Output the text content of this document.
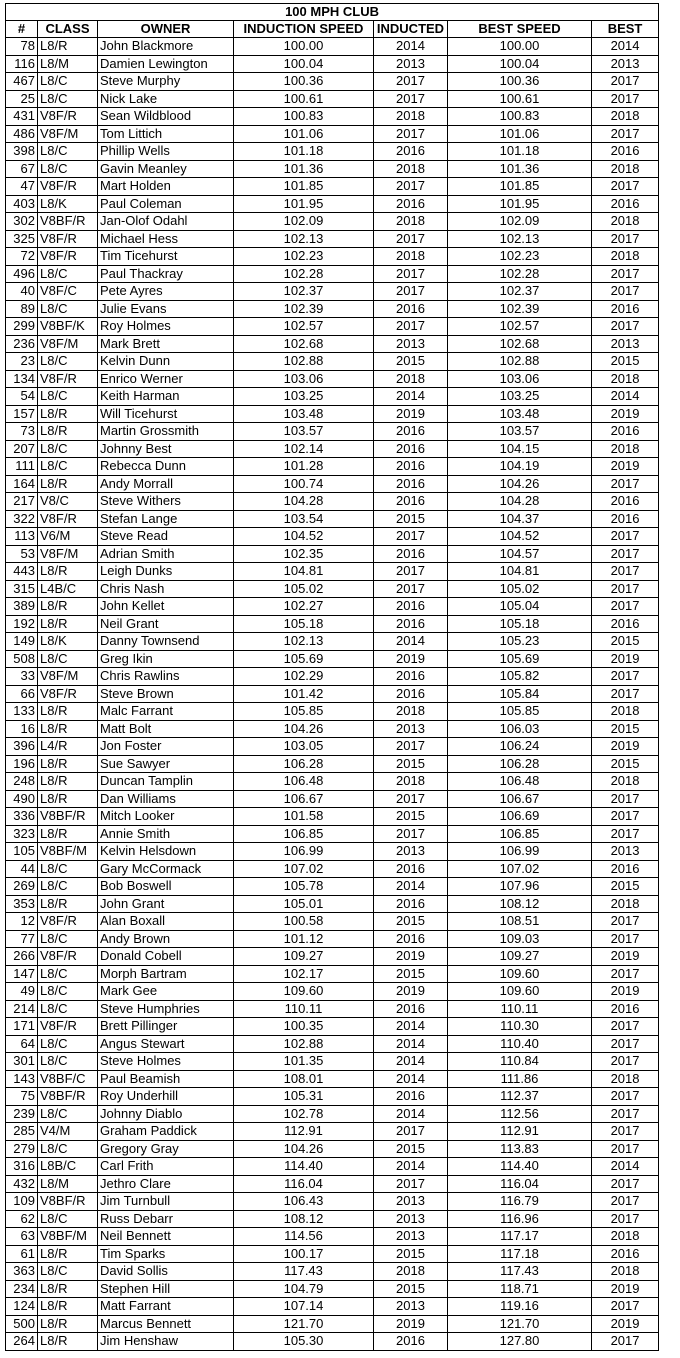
100 MPH CLUB						
#	CLASS	OWNER	INDUCTION SPEED	INDUCTED	BEST SPEED	BEST
78	L8/R	John Blackmore	100.00	2014	100.00	2014
116	L8/M	Damien Lewington	100.04	2013	100.04	2013
467	L8/C	Steve Murphy	100.36	2017	100.36	2017
25	L8/C	Nick Lake	100.61	2017	100.61	2017
431	V8F/R	Sean Wildblood	100.83	2018	100.83	2018
486	V8F/M	Tom Littich	101.06	2017	101.06	2017
398	L8/C	Phillip Wells	101.18	2016	101.18	2016
67	L8/C	Gavin Meanley	101.36	2018	101.36	2018
47	V8F/R	Mart Holden	101.85	2017	101.85	2017
403	L8/K	Paul Coleman	101.95	2016	101.95	2016
302	V8BF/R	Jan-Olof Odahl	102.09	2018	102.09	2018
325	V8F/R	Michael Hess	102.13	2017	102.13	2017
72	V8F/R	Tim Ticehurst	102.23	2018	102.23	2018
496	L8/C	Paul Thackray	102.28	2017	102.28	2017
40	V8F/C	Pete Ayres	102.37	2017	102.37	2017
89	L8/C	Julie Evans	102.39	2016	102.39	2016
299	V8BF/K	Roy Holmes	102.57	2017	102.57	2017
236	V8F/M	Mark Brett	102.68	2013	102.68	2013
23	L8/C	Kelvin Dunn	102.88	2015	102.88	2015
134	V8F/R	Enrico Werner	103.06	2018	103.06	2018
54	L8/C	Keith Harman	103.25	2014	103.25	2014
157	L8/R	Will Ticehurst	103.48	2019	103.48	2019
73	L8/R	Martin Grossmith	103.57	2016	103.57	2016
207	L8/C	Johnny Best	102.14	2016	104.15	2018
111	L8/C	Rebecca Dunn	101.28	2016	104.19	2019
164	L8/R	Andy Morrall	100.74	2016	104.26	2017
217	V8/C	Steve Withers	104.28	2016	104.28	2016
322	V8F/R	Stefan Lange	103.54	2015	104.37	2016
113	V6/M	Steve Read	104.52	2017	104.52	2017
53	V8F/M	Adrian Smith	102.35	2016	104.57	2017
443	L8/R	Leigh Dunks	104.81	2017	104.81	2017
315	L4B/C	Chris Nash	105.02	2017	105.02	2017
389	L8/R	John Kellet	102.27	2016	105.04	2017
192	L8/R	Neil Grant	105.18	2016	105.18	2016
149	L8/K	Danny Townsend	102.13	2014	105.23	2015
508	L8/C	Greg Ikin	105.69	2019	105.69	2019
33	V8F/M	Chris Rawlins	102.29	2016	105.82	2017
66	V8F/R	Steve Brown	101.42	2016	105.84	2017
133	L8/R	Malc Farrant	105.85	2018	105.85	2018
16	L8/R	Matt Bolt	104.26	2013	106.03	2015
396	L4/R	Jon Foster	103.05	2017	106.24	2019
196	L8/R	Sue Sawyer	106.28	2015	106.28	2015
248	L8/R	Duncan Tamplin	106.48	2018	106.48	2018
490	L8/R	Dan Williams	106.67	2017	106.67	2017
336	V8BF/R	Mitch Looker	101.58	2015	106.69	2017
323	L8/R	Annie Smith	106.85	2017	106.85	2017
105	V8BF/M	Kelvin Helsdown	106.99	2013	106.99	2013
44	L8/C	Gary McCormack	107.02	2016	107.02	2016
269	L8/C	Bob Boswell	105.78	2014	107.96	2015
353	L8/R	John Grant	105.01	2016	108.12	2018
12	V8F/R	Alan Boxall	100.58	2015	108.51	2017
77	L8/C	Andy Brown	101.12	2016	109.03	2017
266	V8F/R	Donald Cobell	109.27	2019	109.27	2019
147	L8/C	Morph Bartram	102.17	2015	109.60	2017
49	L8/C	Mark Gee	109.60	2019	109.60	2019
214	L8/C	Steve Humphries	110.11	2016	110.11	2016
171	V8F/R	Brett Pillinger	100.35	2014	110.30	2017
64	L8/C	Angus Stewart	102.88	2014	110.40	2017
301	L8/C	Steve Holmes	101.35	2014	110.84	2017
143	V8BF/C	Paul Beamish	108.01	2014	111.86	2018
75	V8BF/R	Roy Underhill	105.31	2016	112.37	2017
239	L8/C	Johnny Diablo	102.78	2014	112.56	2017
285	V4/M	Graham Paddick	112.91	2017	112.91	2017
279	L8/C	Gregory Gray	104.26	2015	113.83	2017
316	L8B/C	Carl Frith	114.40	2014	114.40	2014
432	L8/M	Jethro Clare	116.04	2017	116.04	2017
109	V8BF/R	Jim Turnbull	106.43	2013	116.79	2017
62	L8/C	Russ Debarr	108.12	2013	116.96	2017
63	V8BF/M	Neil Bennett	114.56	2013	117.17	2018
61	L8/R	Tim Sparks	100.17	2015	117.18	2016
363	L8/C	David Sollis	117.43	2018	117.43	2018
234	L8/R	Stephen Hill	104.79	2015	118.71	2019
124	L8/R	Matt Farrant	107.14	2013	119.16	2017
500	L8/R	Marcus Bennett	121.70	2019	121.70	2019
264	L8/R	Jim Henshaw	105.30	2016	127.80	2017
